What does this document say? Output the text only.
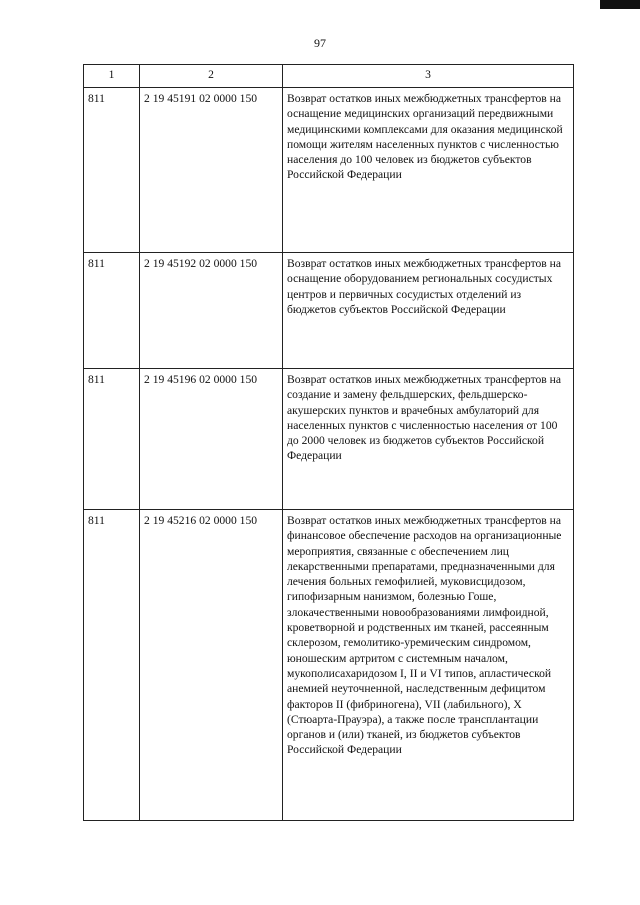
97
1	2	3
811	2 19 45191 02 0000 150	Возврат остатков иных межбюджетных трансфертов на оснащение медицинских организаций передвижными медицинскими комплексами для оказания медицинской помощи жителям населенных пунктов с численностью населения до 100 человек из бюджетов субъектов Российской Федерации
811	2 19 45192 02 0000 150	Возврат остатков иных межбюджетных трансфертов на оснащение оборудованием региональных сосудистых центров и первичных сосудистых отделений из бюджетов субъектов Российской Федерации
811	2 19 45196 02 0000 150	Возврат остатков иных межбюджетных трансфертов на создание и замену фельдшерских, фельдшерско-акушерских пунктов и врачебных амбулаторий для населенных пунктов с численностью населения от 100 до 2000 человек из бюджетов субъектов Российской Федерации
811	2 19 45216 02 0000 150	Возврат остатков иных межбюджетных трансфертов на финансовое обеспечение расходов на организационные мероприятия, связанные с обеспечением лиц лекарственными препаратами, предназначенными для лечения больных гемофилией, муковисцидозом, гипофизарным нанизмом, болезнью Гоше, злокачественными новообразованиями лимфоидной, кроветворной и родственных им тканей, рассеянным склерозом, гемолитико-уремическим синдромом, юношеским артритом с системным началом, мукополисахаридозом I, II и VI типов, апластической анемией неуточненной, наследственным дефицитом факторов II (фибриногена), VII (лабильного), X (Стюарта-Прауэра), а также после трансплантации органов и (или) тканей, из бюджетов субъектов Российской Федерации
